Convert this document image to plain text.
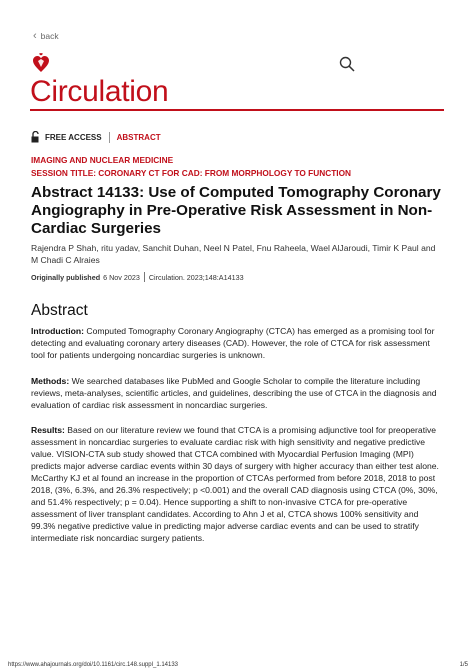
‹ back
Circulation
FREE ACCESS ABSTRACT
IMAGING AND NUCLEAR MEDICINE
SESSION TITLE: CORONARY CT FOR CAD: FROM MORPHOLOGY TO FUNCTION
Abstract 14133: Use of Computed Tomography Coronary Angiography in Pre-Operative Risk Assessment in Non-Cardiac Surgeries
Rajendra P Shah, ritu yadav, Sanchit Duhan, Neel N Patel, Fnu Raheela, Wael AlJaroudi, Timir K Paul and M Chadi C Alraies
Originally published 6 Nov 2023 Circulation. 2023;148:A14133
Abstract

Introduction: Computed Tomography Coronary Angiography (CTCA) has emerged as a promising tool for detecting and evaluating coronary artery diseases (CAD). However, the role of CTCA for risk assessment tool for patients undergoing noncardiac surgeries is unknown.

Methods: We searched databases like PubMed and Google Scholar to compile the literature including reviews, meta-analyses, scientific articles, and guidelines, describing the use of CTCA in the diagnosis and evaluation of cardiac risk assessment in noncardiac surgeries.

Results: Based on our literature review we found that CTCA is a promising adjunctive tool for preoperative assessment in noncardiac surgeries to evaluate cardiac risk with high sensitivity and negative predictive value. VISION-CTA sub study showed that CTCA combined with Myocardial Perfusion Imaging (MPI) predicts major adverse cardiac events within 30 days of surgery with higher accuracy than either test alone. McCarthy KJ et al found an increase in the proportion of CTCAs performed from before 2018, 2018 to post 2018, (3%, 6.3%, and 26.3% respectively; p <0.001) and the overall CAD diagnosis using CTCA (0%, 30%, and 51.4% respectively; p = 0.04). Hence supporting a shift to non-invasive CTCA for pre-operative assessment of liver transplant candidates. According to Ahn J et al, CTCA shows 100% sensitivity and 99.3% negative predictive value in predicting major adverse cardiac events and can be used to stratify intermediate risk noncardiac surgery patients.

https://www.ahajournals.org/doi/10.1161/circ.148.suppl_1.14133	1/5
